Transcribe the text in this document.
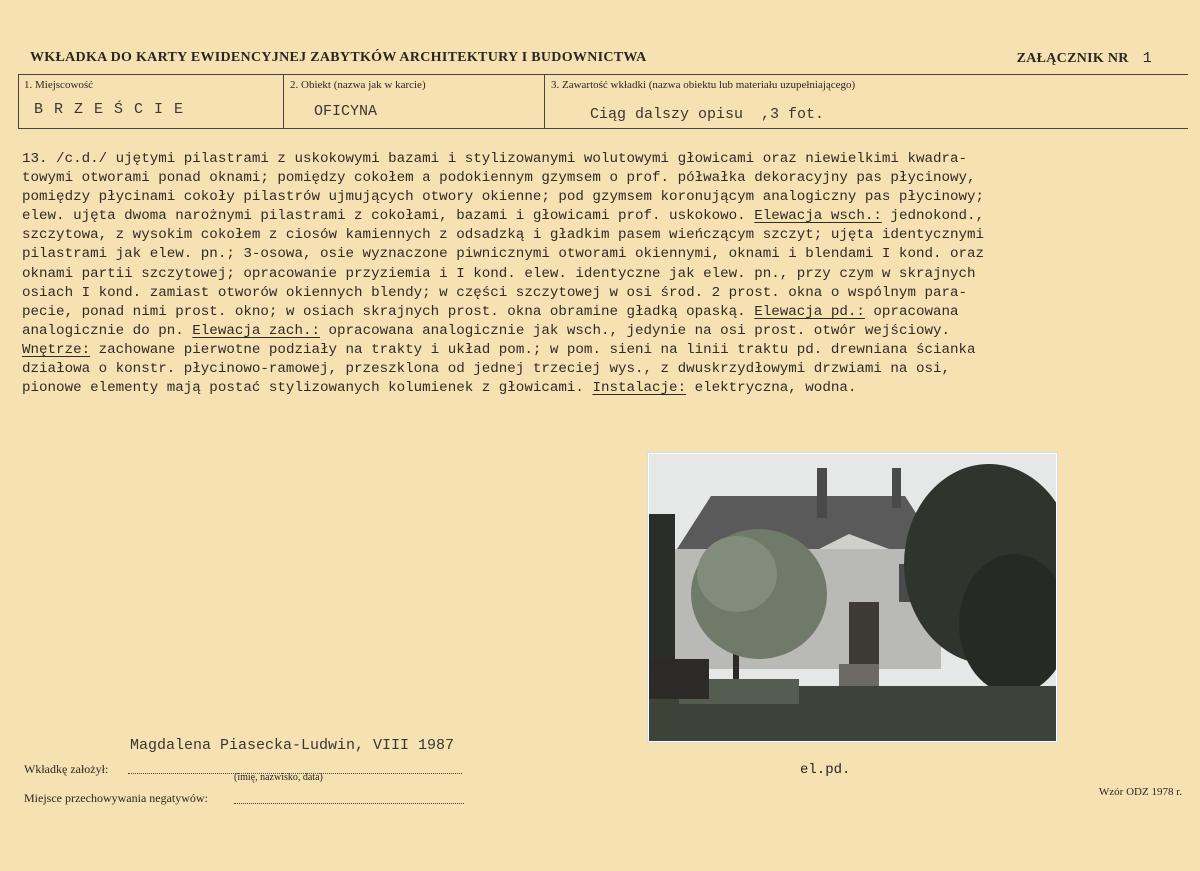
WKŁADKA DO KARTY EWIDENCYJNEJ ZABYTKÓW ARCHITEKTURY I BUDOWNICTWA	ZAŁĄCZNIK NR 1
1. Miejscowość
B R Z E Ś C I E
2. Obiekt (nazwa jak w karcie)
OFICYNA
3. Zawartość wkładki (nazwa obiektu lub materiału uzupełniającego)
Ciąg dalszy opisu  ,3 fot.
13. /c.d./ ujętymi pilastrami z uskokowymi bazami i stylizowanymi wolutowymi głowicami oraz niewielkimi kwadra-
towymi otworami ponad oknami; pomiędzy cokołem a podokiennym gzymsem o prof. półwałka dekoracyjny pas płycinowy,
pomiędzy płycinami cokoły pilastrów ujmujących otwory okienne; pod gzymsem koronującym analogiczny pas płycinowy;
elew. ujęta dwoma narożnymi pilastrami z cokołami, bazami i głowicami prof. uskokowo. Elewacja wsch.: jednokond.,
szczytowa, z wysokim cokołem z ciosów kamiennych z odsadzką i gładkim pasem wieńczącym szczyt; ujęta identycznymi
pilastrami jak elew. pn.; 3-osowa, osie wyznaczone piwnicznymi otworami okiennymi, oknami i blendami I kond. oraz
oknami partii szczytowej; opracowanie przyziemia i I kond. elew. identyczne jak elew. pn., przy czym w skrajnych
osiach I kond. zamiast otworów okiennych blendy; w części szczytowej w osi środ. 2 prost. okna o wspólnym para-
pecie, ponad nimi prost. okno; w osiach skrajnych prost. okna obramine gładką opaską. Elewacja pd.: opracowana
analogicznie do pn. Elewacja zach.: opracowana analogicznie jak wsch., jedynie na osi prost. otwór wejściowy.
Wnętrze: zachowane pierwotne podziały na trakty i układ pom.; w pom. sieni na linii traktu pd. drewniana ścianka
działowa o konstr. płycinowo-ramowej, przeszklona od jednej trzeciej wys., z dwuskrzydłowymi drzwiami na osi,
pionowe elementy mają postać stylizowanych kolumienek z głowicami. Instalacje: elektryczna, wodna.
el.pd.
Magdalena Piasecka-Ludwin, VIII 1987
Wkładkę założył:
(imię, nazwisko, data)
Miejsce przechowywania negatywów:	Wzór ODZ 1978 r.
